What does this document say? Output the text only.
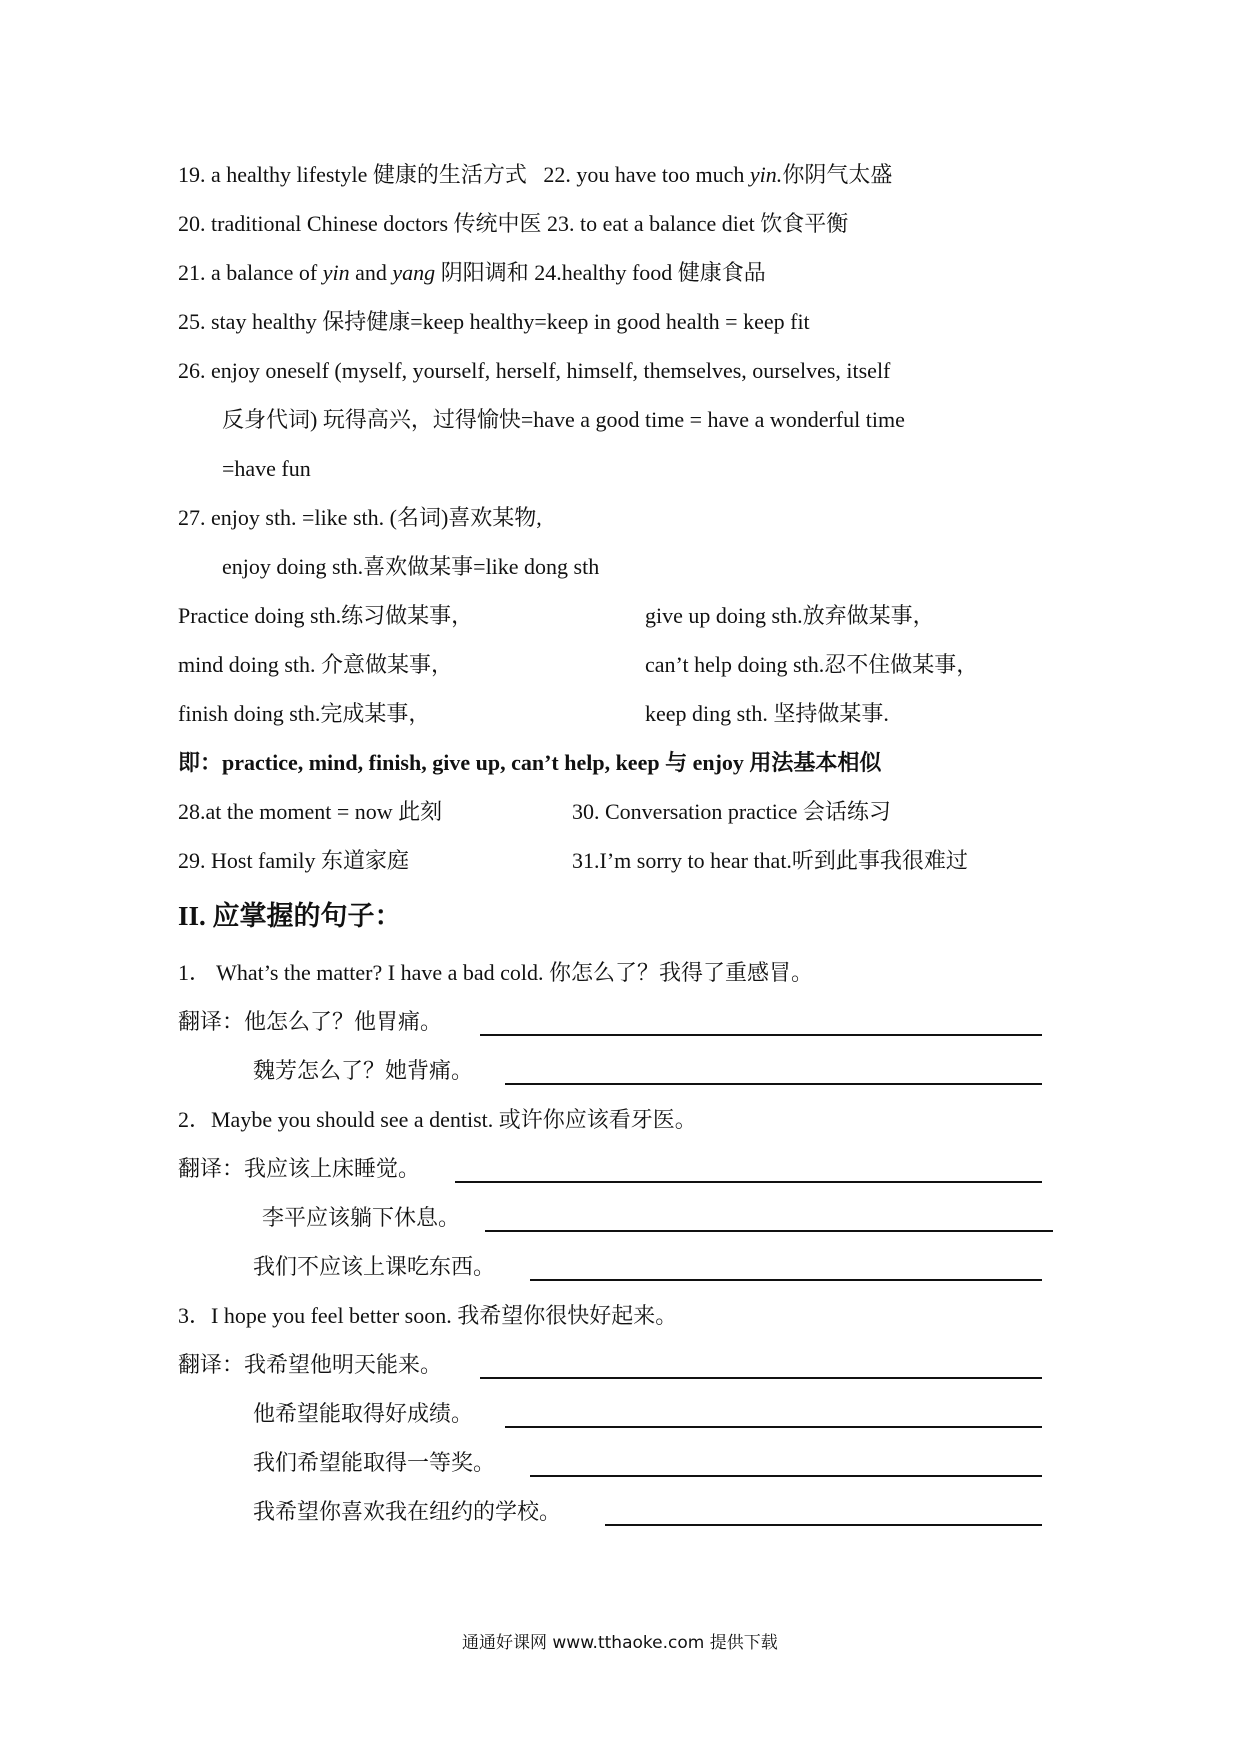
19. a healthy lifestyle 健康的生活方式 22. you have too much yin.你阴气太盛
20. traditional Chinese doctors 传统中医 23. to eat a balance diet 饮食平衡
21. a balance of yin and yang 阴阳调和 24.healthy food 健康食品
25. stay healthy 保持健康=keep healthy=keep in good health = keep fit
26. enjoy oneself (myself, yourself, herself, himself, themselves, ourselves, itself
反身代词) 玩得高兴，过得愉快=have a good time = have a wonderful time
=have fun
27. enjoy sth. =like sth. (名词)喜欢某物,
enjoy doing sth.喜欢做某事=like dong sth
Practice doing sth.练习做某事，	give up doing sth.放弃做某事，
mind doing sth. 介意做某事，	can’t help doing sth.忍不住做某事，
finish doing sth.完成某事，	keep ding sth. 坚持做某事.
即：practice, mind, finish, give up, can’t help, keep 与 enjoy 用法基本相似
28.at the moment = now 此刻	30. Conversation practice 会话练习
29. Host family 东道家庭	31.I’m sorry to hear that.听到此事我很难过
II. 应掌握的句子：
1． What’s the matter? I have a bad cold. 你怎么了？我得了重感冒。
翻译：他怎么了？他胃痛。
魏芳怎么了？她背痛。
2．Maybe you should see a dentist. 或许你应该看牙医。
翻译：我应该上床睡觉。
李平应该躺下休息。
我们不应该上课吃东西。
3．I hope you feel better soon. 我希望你很快好起来。
翻译：我希望他明天能来。
他希望能取得好成绩。
我们希望能取得一等奖。
我希望你喜欢我在纽约的学校。
通通好课网 www.tthaoke.com 提供下载
